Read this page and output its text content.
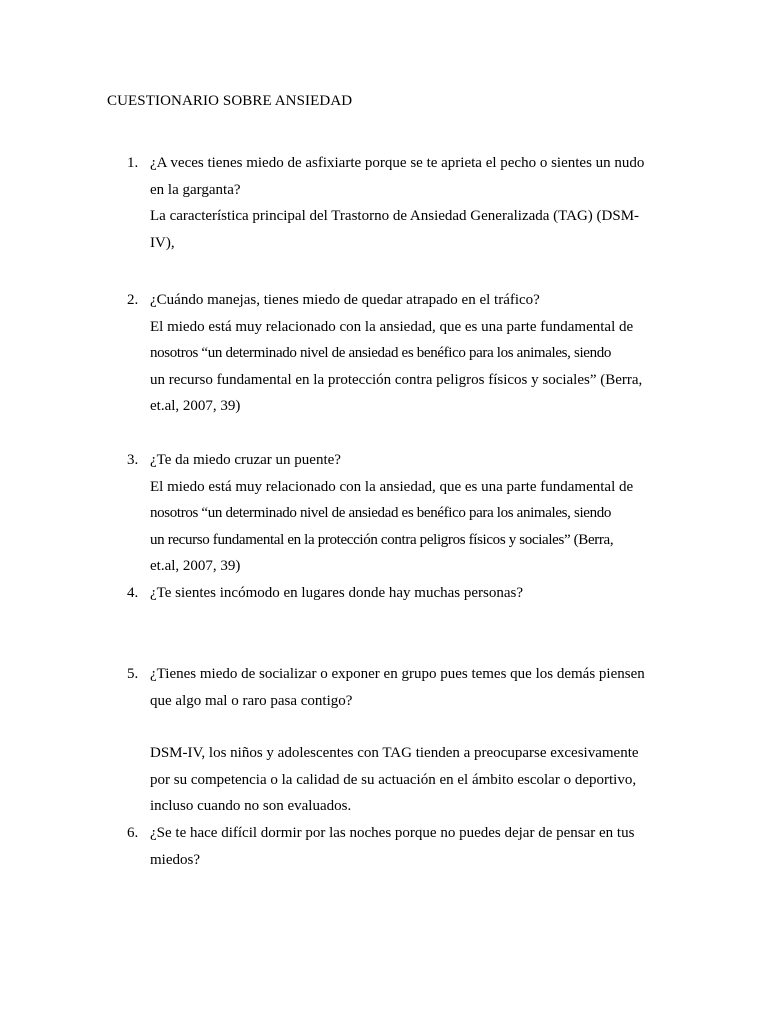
CUESTIONARIO SOBRE ANSIEDAD
1. ¿A veces tienes miedo de asfixiarte porque se te aprieta el pecho o sientes un nudo
en la garganta?
La característica principal del Trastorno de Ansiedad Generalizada (TAG) (DSM-
IV),
2. ¿Cuándo manejas, tienes miedo de quedar atrapado en el tráfico?
El miedo está muy relacionado con la ansiedad, que es una parte fundamental de
nosotros “un determinado nivel de ansiedad es benéfico para los animales, siendo
un recurso fundamental en la protección contra peligros físicos y sociales” (Berra,
et.al, 2007, 39)
3. ¿Te da miedo cruzar un puente?
El miedo está muy relacionado con la ansiedad, que es una parte fundamental de
nosotros “un determinado nivel de ansiedad es benéfico para los animales, siendo
un recurso fundamental en la protección contra peligros físicos y sociales” (Berra,
et.al, 2007, 39)
4. ¿Te sientes incómodo en lugares donde hay muchas personas?
5. ¿Tienes miedo de socializar o exponer en grupo pues temes que los demás piensen
que algo mal o raro pasa contigo?
DSM-IV, los niños y adolescentes con TAG tienden a preocuparse excesivamente
por su competencia o la calidad de su actuación en el ámbito escolar o deportivo,
incluso cuando no son evaluados.
6. ¿Se te hace difícil dormir por las noches porque no puedes dejar de pensar en tus
miedos?
